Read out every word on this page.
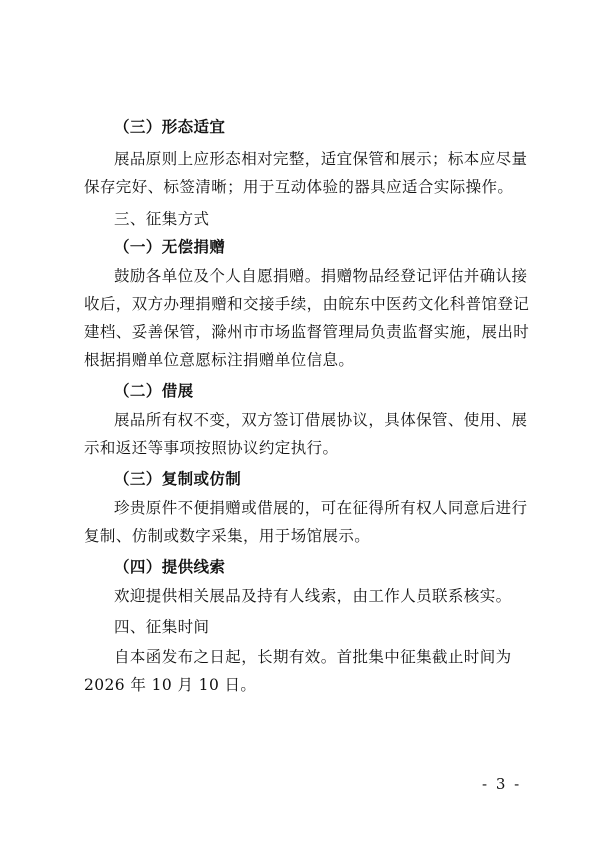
（三）形态适宜
展品原则上应形态相对完整，适宜保管和展示；标本应尽量
保存完好、标签清晰；用于互动体验的器具应适合实际操作。
三、征集方式
（一）无偿捐赠
鼓励各单位及个人自愿捐赠。捐赠物品经登记评估并确认接
收后，双方办理捐赠和交接手续，由皖东中医药文化科普馆登记
建档、妥善保管，滁州市市场监督管理局负责监督实施，展出时
根据捐赠单位意愿标注捐赠单位信息。
（二）借展
展品所有权不变，双方签订借展协议，具体保管、使用、展
示和返还等事项按照协议约定执行。
（三）复制或仿制
珍贵原件不便捐赠或借展的，可在征得所有权人同意后进行
复制、仿制或数字采集，用于场馆展示。
（四）提供线索
欢迎提供相关展品及持有人线索，由工作人员联系核实。
四、征集时间
自本函发布之日起，长期有效。首批集中征集截止时间为
2026 年 10 月 10 日。
- 3 -
